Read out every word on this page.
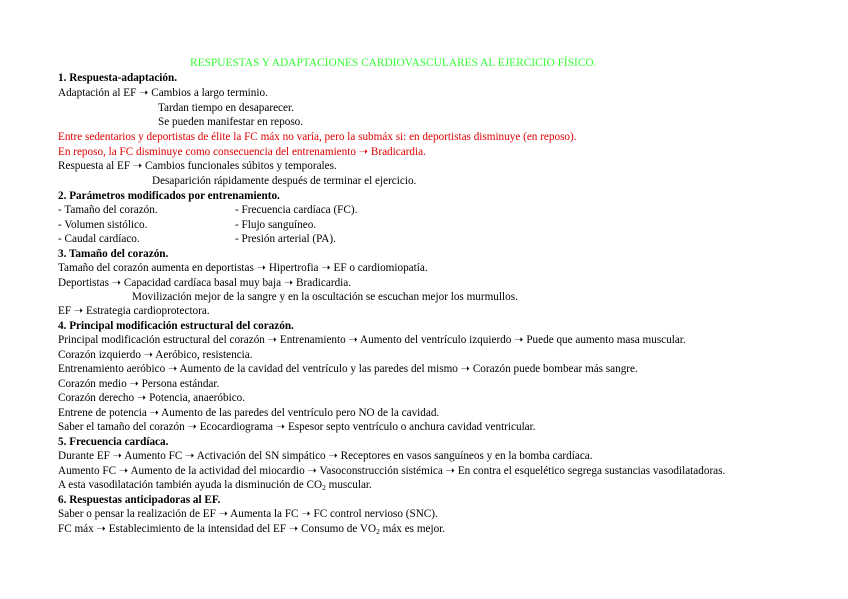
RESPUESTAS Y ADAPTACIONES CARDIOVASCULARES AL EJERCICIO FÍSICO.
1. Respuesta-adaptación.
Adaptación al EF ➝ Cambios a largo terminio.
Tardan tiempo en desaparecer.
Se pueden manifestar en reposo.
Entre sedentarios y deportistas de élite la FC máx no varía, pero la submáx si: en deportistas disminuye (en reposo).
En reposo, la FC disminuye como consecuencia del entrenamiento ➝ Bradicardia.
Respuesta al EF ➝ Cambios funcionales súbitos y temporales.
Desaparición rápidamente después de terminar el ejercicio.
2. Parámetros modificados por entrenamiento.
- Tamaño del corazón.	- Frecuencia cardíaca (FC).
- Volumen sistólico.	- Flujo sanguíneo.
- Caudal cardíaco.	- Presión arterial (PA).
3. Tamaño del corazón.
Tamaño del corazón aumenta en deportistas ➝ Hipertrofia ➝ EF o cardiomiopatía.
Deportistas ➝ Capacidad cardíaca basal muy baja ➝ Bradicardia.
Movilización mejor de la sangre y en la oscultación se escuchan mejor los murmullos.
EF ➝ Estrategia cardioprotectora.
4. Principal modificación estructural del corazón.
Principal modificación estructural del corazón ➝ Entrenamiento ➝ Aumento del ventrículo izquierdo ➝ Puede que aumento masa muscular.
Corazón izquierdo ➝ Aeróbico, resistencia.
Entrenamiento aeróbico ➝ Aumento de la cavidad del ventrículo y las paredes del mismo ➝ Corazón puede bombear más sangre.
Corazón medio ➝ Persona estándar.
Corazón derecho ➝ Potencia, anaeróbico.
Entrene de potencia ➝ Aumento de las paredes del ventrículo pero NO de la cavidad.
Saber el tamaño del corazón ➝ Ecocardiograma ➝ Espesor septo ventrículo o anchura cavidad ventricular.
5. Frecuencia cardíaca.
Durante EF ➝ Aumento FC ➝ Activación del SN simpático ➝ Receptores en vasos sanguíneos y en la bomba cardíaca.
Aumento FC ➝ Aumento de la actividad del miocardio ➝ Vasoconstrucción sistémica ➝ En contra el esquelético segrega sustancias vasodilatadoras.
A esta vasodilatación también ayuda la disminución de $CO_2$ muscular.
6. Respuestas anticipadoras al EF.
Saber o pensar la realización de EF ➝ Aumenta la FC ➝ FC control nervioso (SNC).
FC máx ➝ Establecimiento de la intensidad del EF ➝ Consumo de $VO_2$ máx es mejor.
